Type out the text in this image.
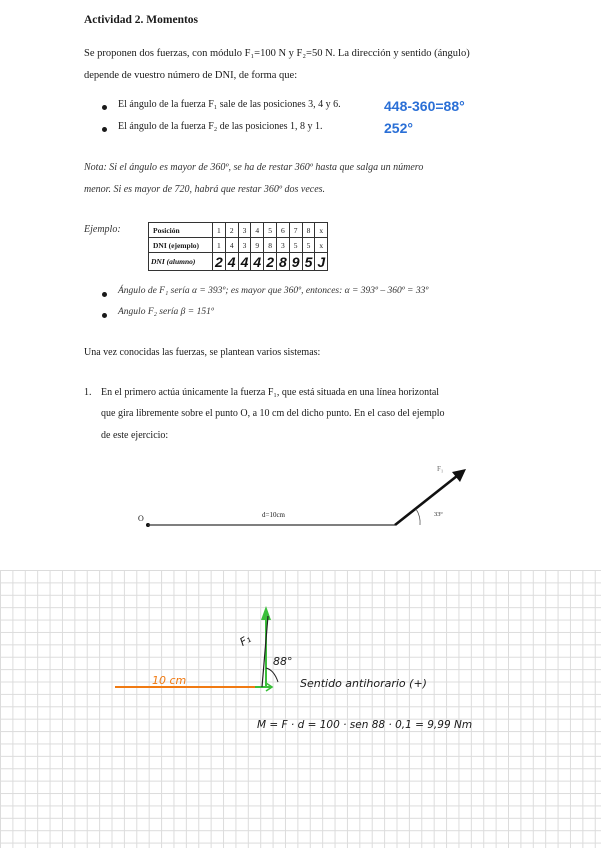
Actividad 2. Momentos
Se proponen dos fuerzas, con módulo F₁=100 N y F₂=50 N. La dirección y sentido (ángulo)
depende de vuestro número de DNI, de forma que:
El ángulo de la fuerza F₁ sale de las posiciones 3, 4 y 6.	448-360=88°
El ángulo de la fuerza F₂ de las posiciones 1, 8 y 1.	252°
Nota: Si el ángulo es mayor de 360º, se ha de restar 360º hasta que salga un número
menor. Si es mayor de 720, habrá que restar 360º dos veces.
Ejemplo:	Posición	1	2	3	4	5	6	7	8	x
DNI (ejemplo)	1	4	3	9	8	3	5	5	x
DNI (alumno)	2	4	4	4	2	8	9	5	J
Ángulo de F₁ sería α = 393º; es mayor que 360º, entonces: α = 393º – 360º = 33º
Angulo F₂ sería β = 151º
Una vez conocidas las fuerzas, se plantean varios sistemas:
1. En el primero actúa únicamente la fuerza F₁, que está situada en una línea horizontal
que gira libremente sobre el punto O, a 10 cm del dicho punto. En el caso del ejemplo
de este ejercicio:
O	d=10cm
F₁
33º
10 cm
F₁
88°
Sentido antihorario (+)
M = F · d = 100 · sen 88 · 0,1 = 9,99 Nm
